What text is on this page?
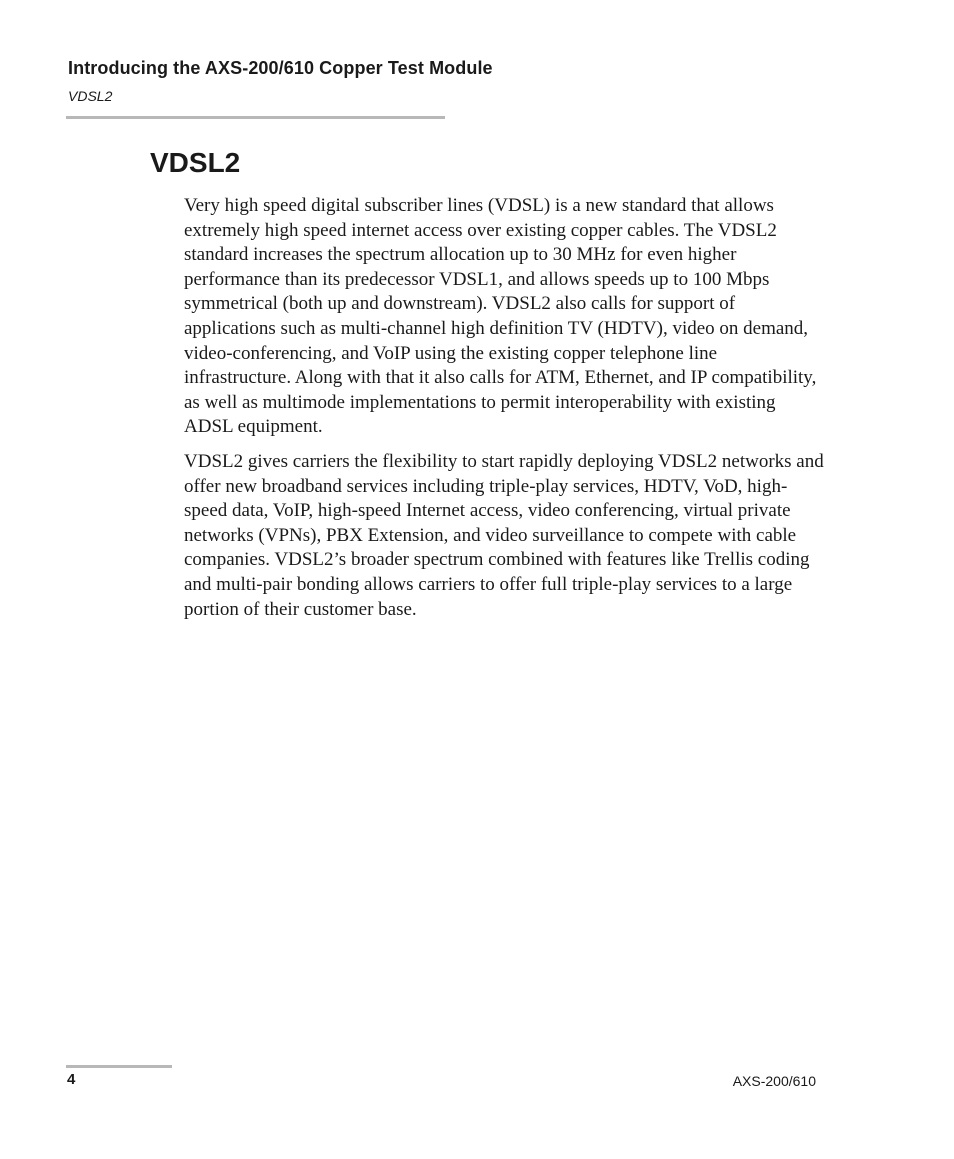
Introducing the AXS-200/610 Copper Test Module

VDSL2

VDSL2

Very high speed digital subscriber lines (VDSL) is a new standard that allows extremely high speed internet access over existing copper cables. The VDSL2 standard increases the spectrum allocation up to 30 MHz for even higher performance than its predecessor VDSL1, and allows speeds up to 100 Mbps symmetrical (both up and downstream). VDSL2 also calls for support of applications such as multi-channel high definition TV (HDTV), video on demand, video-conferencing, and VoIP using the existing copper telephone line infrastructure. Along with that it also calls for ATM, Ethernet, and IP compatibility, as well as multimode implementations to permit interoperability with existing ADSL equipment.

VDSL2 gives carriers the flexibility to start rapidly deploying VDSL2 networks and offer new broadband services including triple-play services, HDTV, VoD, high-speed data, VoIP, high-speed Internet access, video conferencing, virtual private networks (VPNs), PBX Extension, and video surveillance to compete with cable companies. VDSL2’s broader spectrum combined with features like Trellis coding and multi-pair bonding allows carriers to offer full triple-play services to a large portion of their customer base.

4	AXS-200/610
